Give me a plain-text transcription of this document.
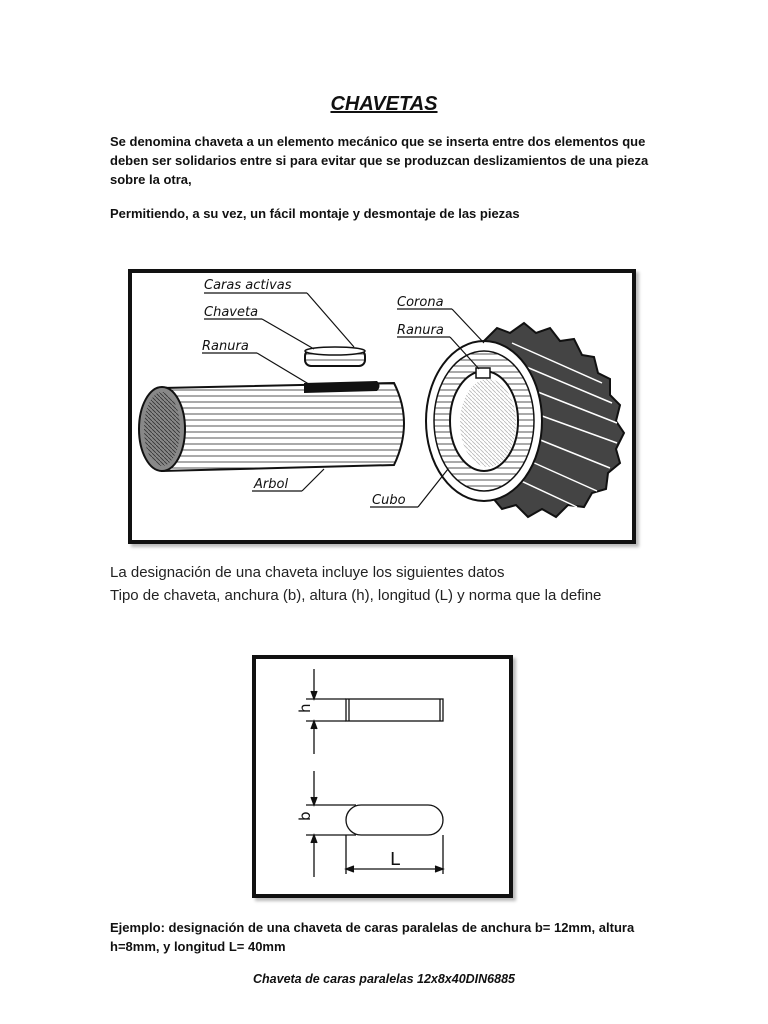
CHAVETAS
Se denomina chaveta a un elemento mecánico que se inserta entre dos elementos que
deben ser solidarios entre si para evitar que se produzcan deslizamientos de una pieza
sobre la otra,
Permitiendo, a su vez, un fácil montaje y desmontaje de las piezas
Caras activas
Chaveta
Ranura
Arbol
Corona
Ranura
Cubo
La designación de una chaveta incluye los siguientes datos
Tipo de chaveta, anchura (b), altura (h), longitud (L) y norma que la define
h
b
L
Ejemplo: designación de una chaveta de caras paralelas de anchura b= 12mm, altura
h=8mm, y longitud L= 40mm
Chaveta de caras paralelas 12x8x40DIN6885
